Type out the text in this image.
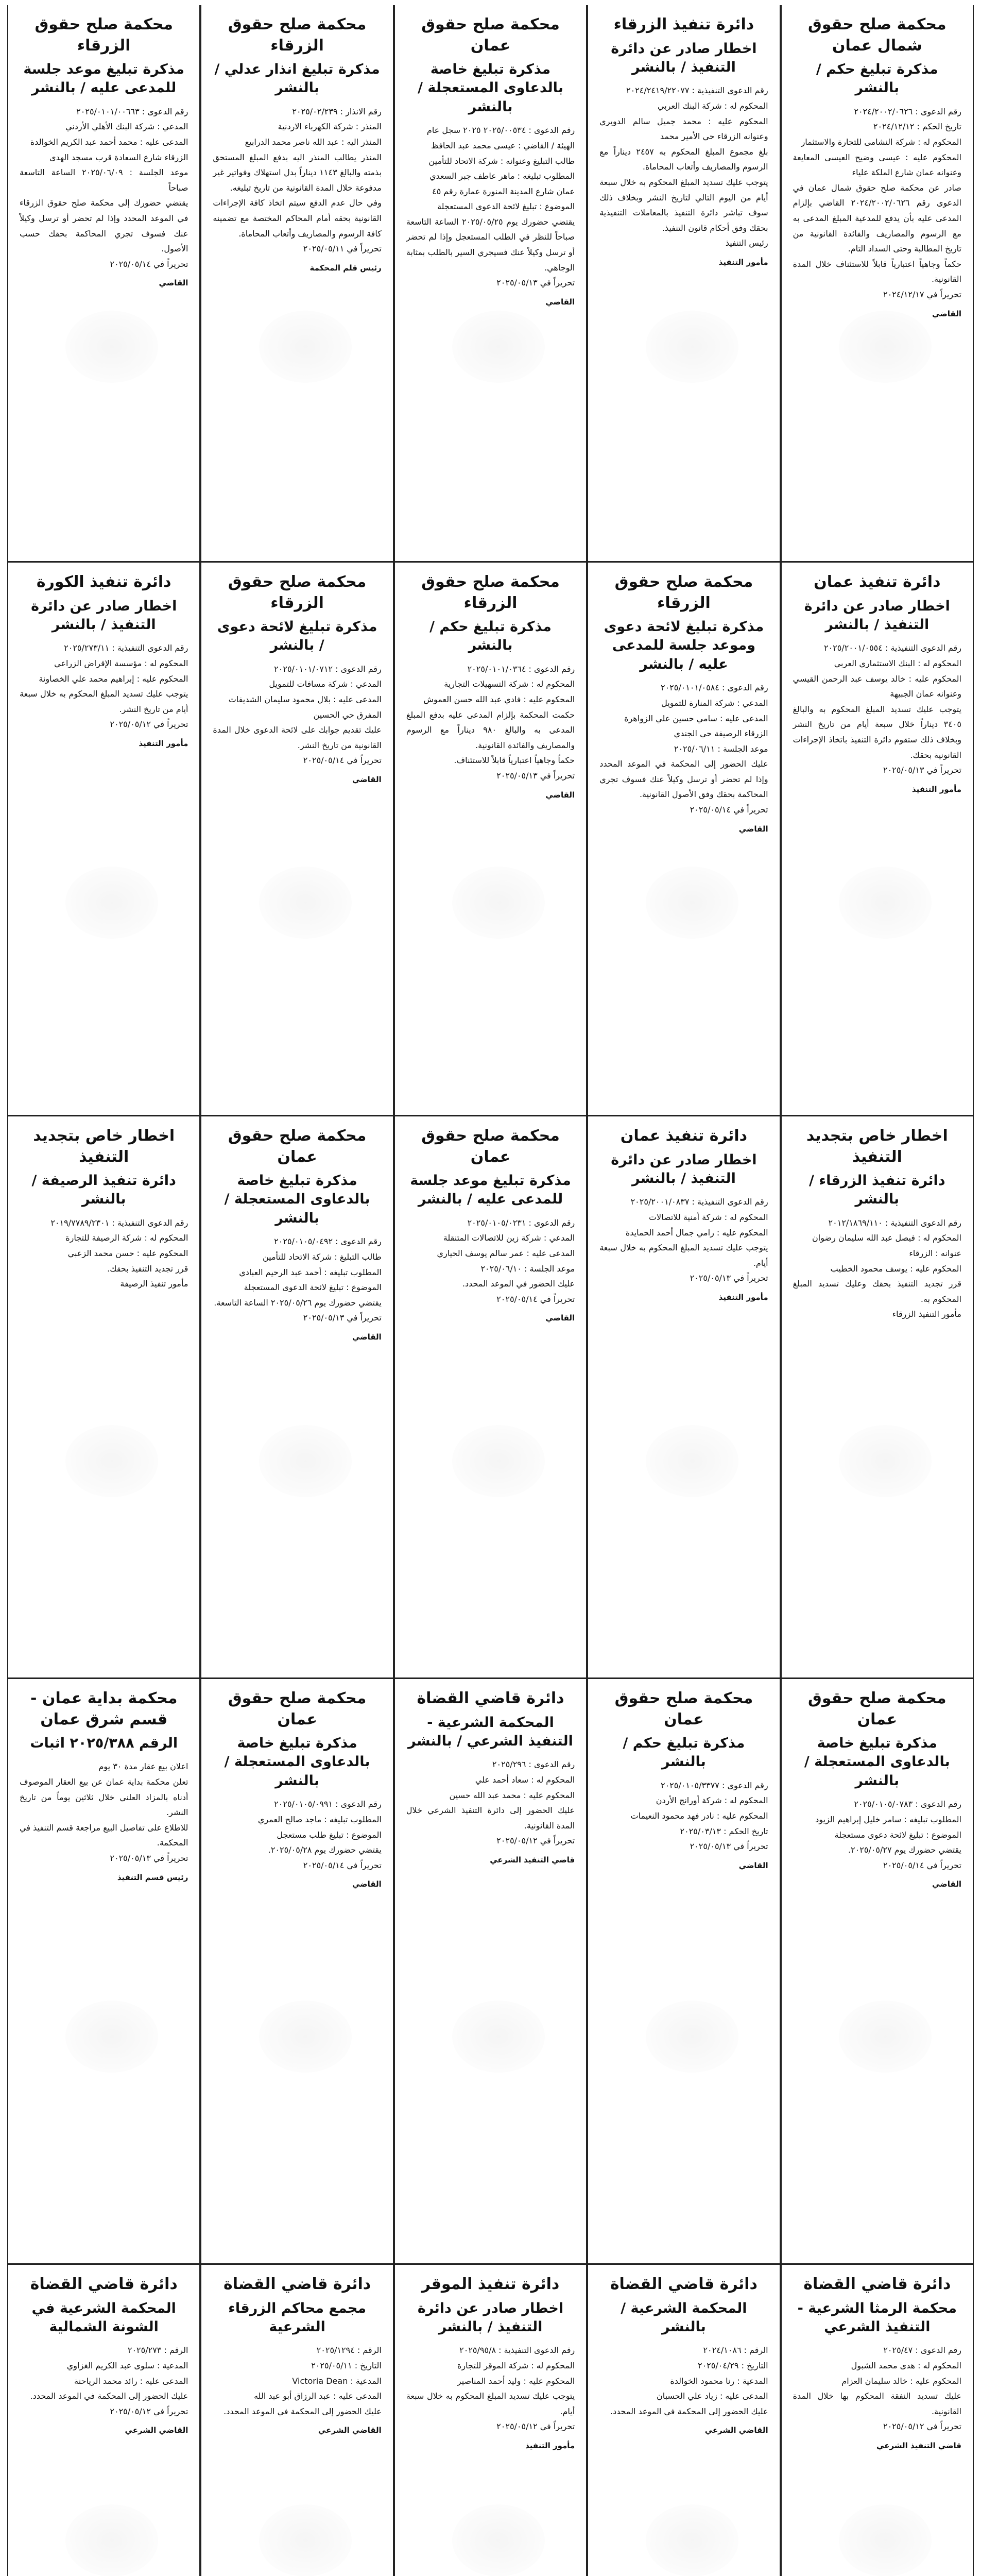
محكمة صلح حقوق شمال عمان
مذكرة تبليغ حكم / بالنشر

رقم الدعوى : ٢٠٢٤/٢٠٠٢/٠٦٢٦
تاريخ الحكم : ٢٠٢٤/١٢/١٢
المحكوم له : شركة النشامى للتجارة والاستثمار
المحكوم عليه : عيسى وضيح العيسى المعايعة وعنوانه عمان شارع الملكة علياء
صادر عن محكمة صلح حقوق شمال عمان في الدعوى رقم ٢٠٢٤/٢٠٠٢/٠٦٢٦ القاضي بإلزام المدعى عليه بأن يدفع للمدعية المبلغ المدعى به مع الرسوم والمصاريف والفائدة القانونية من تاريخ المطالبة وحتى السداد التام.
حكماً وجاهياً اعتبارياً قابلاً للاستئناف خلال المدة القانونية.
تحريراً في ٢٠٢٤/١٢/١٧

القاضي
دائرة تنفيذ الزرقاء
اخطار صادر عن دائرة التنفيذ / بالنشر

رقم الدعوى التنفيذية : ٢٠٢٤/٢٤١٩/٢٢٠٧٧
المحكوم له : شركة البنك العربي
المحكوم عليه : محمد جميل سالم الدويري وعنوانه الزرقاء حي الأمير محمد
بلغ مجموع المبلغ المحكوم به ٢٤٥٧ ديناراً مع الرسوم والمصاريف وأتعاب المحاماة.
يتوجب عليك تسديد المبلغ المحكوم به خلال سبعة أيام من اليوم التالي لتاريخ النشر وبخلاف ذلك سوف تباشر دائرة التنفيذ بالمعاملات التنفيذية بحقك وفق أحكام قانون التنفيذ.
رئيس التنفيذ

مأمور التنفيذ
محكمة صلح حقوق عمان
مذكرة تبليغ خاصة بالدعاوى المستعجلة / بالنشر

رقم الدعوى : ٢٠٢٥/٠٠٥٣٤ ٢٠٢٥ سجل عام
الهيئة / القاضي : عيسى محمد عبد الحافظ
طالب التبليغ وعنوانه : شركة الاتحاد للتأمين
المطلوب تبليغه : ماهر عاطف جبر السعدي
عمان شارع المدينة المنورة عمارة رقم ٤٥
الموضوع : تبليغ لائحة الدعوى المستعجلة
يقتضي حضورك يوم ٢٠٢٥/٠٥/٢٥ الساعة التاسعة صباحاً للنظر في الطلب المستعجل وإذا لم تحضر أو ترسل وكيلاً عنك فسيجري السير بالطلب بمثابة الوجاهي.
تحريراً في ٢٠٢٥/٠٥/١٣

القاضي
محكمة صلح حقوق الزرقاء
مذكرة تبليغ انذار عدلي / بالنشر

رقم الانذار : ٢٠٢٥/٠٢/٢٣٩
المنذر : شركة الكهرباء الاردنية
المنذر اليه : عبد الله ناصر محمد الدرابيع
المنذر يطالب المنذر اليه بدفع المبلغ المستحق بذمته والبالغ ١١٤٣ ديناراً بدل استهلاك وفواتير غير مدفوعة خلال المدة القانونية من تاريخ تبليغه.
وفي حال عدم الدفع سيتم اتخاذ كافة الإجراءات القانونية بحقه أمام المحاكم المختصة مع تضمينه كافة الرسوم والمصاريف وأتعاب المحاماة.
تحريراً في ٢٠٢٥/٠٥/١١

رئيس قلم المحكمة
محكمة صلح حقوق الزرقاء
مذكرة تبليغ موعد جلسة للمدعى عليه / بالنشر

رقم الدعوى : ٢٠٢٥/٠١٠١/٠٠٦٦٣
المدعي : شركة البنك الأهلي الأردني
المدعى عليه : محمد أحمد عبد الكريم الخوالدة
الزرقاء شارع السعادة قرب مسجد الهدى
موعد الجلسة : ٢٠٢٥/٠٦/٠٩ الساعة التاسعة صباحاً
يقتضي حضورك إلى محكمة صلح حقوق الزرقاء في الموعد المحدد وإذا لم تحضر أو ترسل وكيلاً عنك فسوف تجري المحاكمة بحقك حسب الأصول.
تحريراً في ٢٠٢٥/٠٥/١٤

القاضي
دائرة تنفيذ عمان
اخطار صادر عن دائرة التنفيذ / بالنشر

رقم الدعوى التنفيذية : ٢٠٢٥/٢٠٠١/٠٥٥٤
المحكوم له : البنك الاستثماري العربي
المحكوم عليه : خالد يوسف عبد الرحمن القيسي وعنوانه عمان الجبيهة
يتوجب عليك تسديد المبلغ المحكوم به والبالغ ٣٤٠٥ ديناراً خلال سبعة أيام من تاريخ النشر وبخلاف ذلك ستقوم دائرة التنفيذ باتخاذ الإجراءات القانونية بحقك.
تحريراً في ٢٠٢٥/٠٥/١٣

مأمور التنفيذ
محكمة صلح حقوق الزرقاء
مذكرة تبليغ لائحة دعوى وموعد جلسة للمدعى عليه / بالنشر

رقم الدعوى : ٢٠٢٥/٠١٠١/٠٥٨٤
المدعي : شركة المنارة للتمويل
المدعى عليه : سامي حسين علي الزواهرة
الزرقاء الرصيفة حي الجندي
موعد الجلسة : ٢٠٢٥/٠٦/١١
عليك الحضور إلى المحكمة في الموعد المحدد وإذا لم تحضر أو ترسل وكيلاً عنك فسوف تجري المحاكمة بحقك وفق الأصول القانونية.
تحريراً في ٢٠٢٥/٠٥/١٤

القاضي
محكمة صلح حقوق الزرقاء
مذكرة تبليغ حكم / بالنشر

رقم الدعوى : ٢٠٢٥/٠١٠١/٠٣٦٤
المحكوم له : شركة التسهيلات التجارية
المحكوم عليه : فادي عبد الله حسن العموش
حكمت المحكمة بإلزام المدعى عليه بدفع المبلغ المدعى به والبالغ ٩٨٠ ديناراً مع الرسوم والمصاريف والفائدة القانونية.
حكماً وجاهياً اعتبارياً قابلاً للاستئناف.
تحريراً في ٢٠٢٥/٠٥/١٣

القاضي
محكمة صلح حقوق الزرقاء
مذكرة تبليغ لائحة دعوى / بالنشر

رقم الدعوى : ٢٠٢٥/٠١٠١/٠٧١٢
المدعي : شركة مسافات للتمويل
المدعى عليه : بلال محمود سليمان الشديفات
المفرق حي الحسين
عليك تقديم جوابك على لائحة الدعوى خلال المدة القانونية من تاريخ النشر.
تحريراً في ٢٠٢٥/٠٥/١٤

القاضي
دائرة تنفيذ الكورة
اخطار صادر عن دائرة التنفيذ / بالنشر

رقم الدعوى التنفيذية : ٢٠٢٥/٢٧٣/١١
المحكوم له : مؤسسة الإقراض الزراعي
المحكوم عليه : إبراهيم محمد علي الخصاونة
يتوجب عليك تسديد المبلغ المحكوم به خلال سبعة أيام من تاريخ النشر.
تحريراً في ٢٠٢٥/٠٥/١٢

مأمور التنفيذ
اخطار خاص بتجديد التنفيذ
دائرة تنفيذ الزرقاء / بالنشر

رقم الدعوى التنفيذية : ٢٠١٢/١٨٦٩/١١٠
المحكوم له : فيصل عبد الله سليمان رضوان
عنوانه : الزرقاء
المحكوم عليه : يوسف محمود الخطيب
قرر تجديد التنفيذ بحقك وعليك تسديد المبلغ المحكوم به.
مأمور التنفيذ الزرقاء

دائرة تنفيذ عمان
اخطار صادر عن دائرة التنفيذ / بالنشر

رقم الدعوى التنفيذية : ٢٠٢٥/٢٠٠١/٠٨٣٧
المحكوم له : شركة أمنية للاتصالات
المحكوم عليه : رامي جمال أحمد الحمايدة
يتوجب عليك تسديد المبلغ المحكوم به خلال سبعة أيام.
تحريراً في ٢٠٢٥/٠٥/١٣

مأمور التنفيذ
محكمة صلح حقوق عمان
مذكرة تبليغ موعد جلسة للمدعى عليه / بالنشر

رقم الدعوى : ٢٠٢٥/٠١٠٥/٠٢٣١
المدعي : شركة زين للاتصالات المتنقلة
المدعى عليه : عمر سالم يوسف الحياري
موعد الجلسة : ٢٠٢٥/٠٦/١٠
عليك الحضور في الموعد المحدد.
تحريراً في ٢٠٢٥/٠٥/١٤

القاضي
محكمة صلح حقوق عمان
مذكرة تبليغ خاصة بالدعاوى المستعجلة / بالنشر

رقم الدعوى : ٢٠٢٥/٠١٠٥/٠٤٩٢
طالب التبليغ : شركة الاتحاد للتأمين
المطلوب تبليغه : أحمد عبد الرحيم العبادي
الموضوع : تبليغ لائحة الدعوى المستعجلة
يقتضي حضورك يوم ٢٠٢٥/٠٥/٢٦ الساعة التاسعة.
تحريراً في ٢٠٢٥/٠٥/١٣

القاضي
اخطار خاص بتجديد التنفيذ
دائرة تنفيذ الرصيفة / بالنشر

رقم الدعوى التنفيذية : ٢٠١٩/٧٧٨٩/٢٣٠١
المحكوم له : شركة الرصيفة للتجارة
المحكوم عليه : حسن محمد الزعبي
قرر تجديد التنفيذ بحقك.
مأمور تنفيذ الرصيفة

محكمة صلح حقوق عمان
مذكرة تبليغ خاصة بالدعاوى المستعجلة / بالنشر

رقم الدعوى : ٢٠٢٥/٠١٠٥/٠٧٨٣
المطلوب تبليغه : سامر خليل إبراهيم الزيود
الموضوع : تبليغ لائحة دعوى مستعجلة
يقتضي حضورك يوم ٢٠٢٥/٠٥/٢٧.
تحريراً في ٢٠٢٥/٠٥/١٤

القاضي
محكمة صلح حقوق عمان
مذكرة تبليغ حكم / بالنشر

رقم الدعوى : ٢٠٢٥/٠١٠٥/٣٣٧٧
المحكوم له : شركة أورانج الأردن
المحكوم عليه : نادر فهد محمود النعيمات
تاريخ الحكم : ٢٠٢٥/٠٣/١٣
تحريراً في ٢٠٢٥/٠٥/١٣

القاضي
دائرة قاضي القضاة
المحكمة الشرعية - التنفيذ الشرعي / بالنشر

رقم الدعوى : ٢٠٢٥/٢٩٦
المحكوم له : سعاد أحمد علي
المحكوم عليه : محمد عبد الله حسين
عليك الحضور إلى دائرة التنفيذ الشرعي خلال المدة القانونية.
تحريراً في ٢٠٢٥/٠٥/١٢

قاضي التنفيذ الشرعي
محكمة صلح حقوق عمان
مذكرة تبليغ خاصة بالدعاوى المستعجلة / بالنشر

رقم الدعوى : ٢٠٢٥/٠١٠٥/٠٩٩١
المطلوب تبليغه : ماجد صالح العمري
الموضوع : تبليغ طلب مستعجل
يقتضي حضورك يوم ٢٠٢٥/٠٥/٢٨.
تحريراً في ٢٠٢٥/٠٥/١٤

القاضي
محكمة بداية عمان - قسم شرق عمان
الرقم ٢٠٢٥/٣٨٨ اثبات

اعلان بيع عقار مدة ٣٠ يوم
تعلن محكمة بداية عمان عن بيع العقار الموصوف أدناه بالمزاد العلني خلال ثلاثين يوماً من تاريخ النشر.
للاطلاع على تفاصيل البيع مراجعة قسم التنفيذ في المحكمة.
تحريراً في ٢٠٢٥/٠٥/١٣

رئيس قسم التنفيذ
دائرة قاضي القضاة
محكمة الرمثا الشرعية - التنفيذ الشرعي

رقم الدعوى : ٢٠٢٥/٤٧
المحكوم له : هدى محمد الشبول
المحكوم عليه : خالد سليمان العزام
عليك تسديد النفقة المحكوم بها خلال المدة القانونية.
تحريراً في ٢٠٢٥/٠٥/١٢

قاضي التنفيذ الشرعي
دائرة قاضي القضاة
المحكمة الشرعية / بالنشر

الرقم : ٢٠٢٤/١٠٨٦
التاريخ : ٢٠٢٥/٠٤/٢٩
المدعية : رنا محمود الخوالدة
المدعى عليه : زياد علي الحسبان
عليك الحضور إلى المحكمة في الموعد المحدد.

القاضي الشرعي
دائرة تنفيذ الموقر
اخطار صادر عن دائرة التنفيذ / بالنشر

رقم الدعوى التنفيذية : ٢٠٢٥/٩٥/٨
المحكوم له : شركة الموقر للتجارة
المحكوم عليه : وليد أحمد المناصير
يتوجب عليك تسديد المبلغ المحكوم به خلال سبعة أيام.
تحريراً في ٢٠٢٥/٠٥/١٢

مأمور التنفيذ
دائرة قاضي القضاة
مجمع محاكم الزرقاء الشرعية

الرقم : ٢٠٢٥/١٢٩٤
التاريخ : ٢٠٢٥/٠٥/١١
المدعية : Victoria Dean
المدعى عليه : عبد الرزاق أبو عبد الله
عليك الحضور إلى المحكمة في الموعد المحدد.

القاضي الشرعي
دائرة قاضي القضاة
المحكمة الشرعية في الشونة الشمالية

الرقم : ٢٠٢٥/٢٧٣
المدعية : سلوى عبد الكريم الغزاوي
المدعى عليه : رائد محمد الرياحنة
عليك الحضور إلى المحكمة في الموعد المحدد.
تحريراً في ٢٠٢٥/٠٥/١٢

القاضي الشرعي
